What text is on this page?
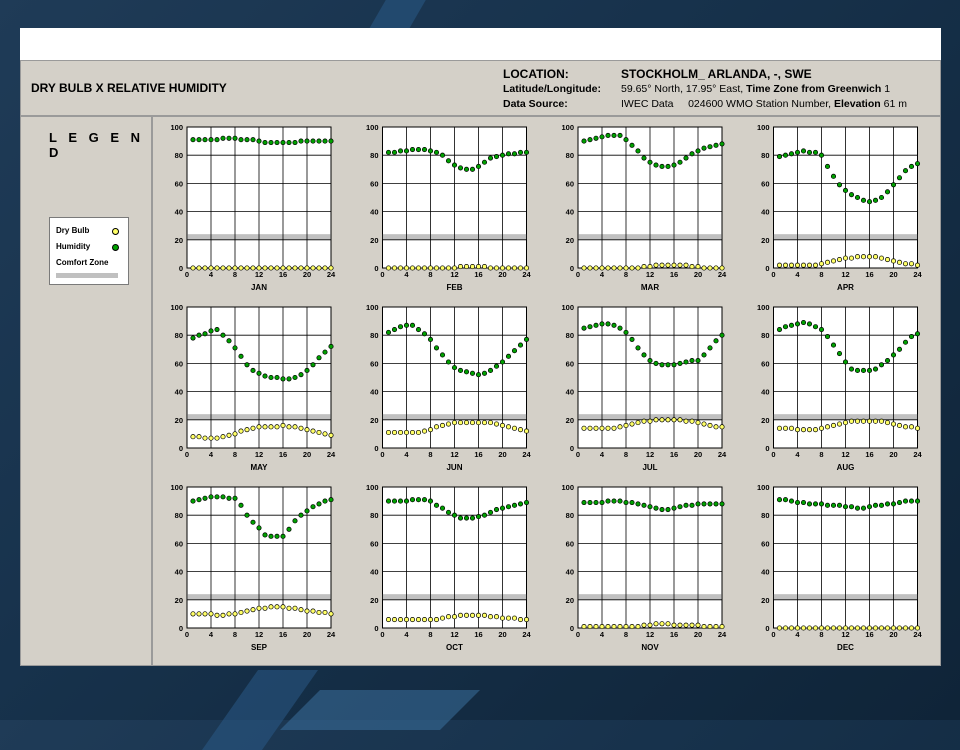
DRY BULB X RELATIVE HUMIDITY
LOCATION:	STOCKHOLM_ ARLANDA, -, SWE
Latitude/Longitude: 59.65° North, 17.95° East, Time Zone from Greenwich 1
Data Source:	IWEC Data     024600 WMO Station Number, Elevation 61 m
L E G E N D
Dry Bulb
Humidity
Comfort Zone
0	4	8 12 16 20 24
0
20
40
60
80
100
JAN
0	4	8 12 16 20 24
0
20
40
60
80
100
FEB
0	4	8 12 16 20 24
0
20
40
60
80
100
MAR
0	4	8 12 16 20 24
0
20
40
60
80
100
APR
0	4	8 12 16 20 24
0
20
40
60
80
100
MAY
0	4	8 12 16 20 24
0
20
40
60
80
100
JUN
0	4	8 12 16 20 24
0
20
40
60
80
100
JUL
0	4	8 12 16 20 24
0
20
40
60
80
100
AUG
0	4	8 12 16 20 24
0
20
40
60
80
100
SEP
0	4	8 12 16 20 24
0
20
40
60
80
100
OCT
0	4	8 12 16 20 24
0
20
40
60
80
100
NOV
0	4	8 12 16 20 24
0
20
40
60
80
100
DEC
